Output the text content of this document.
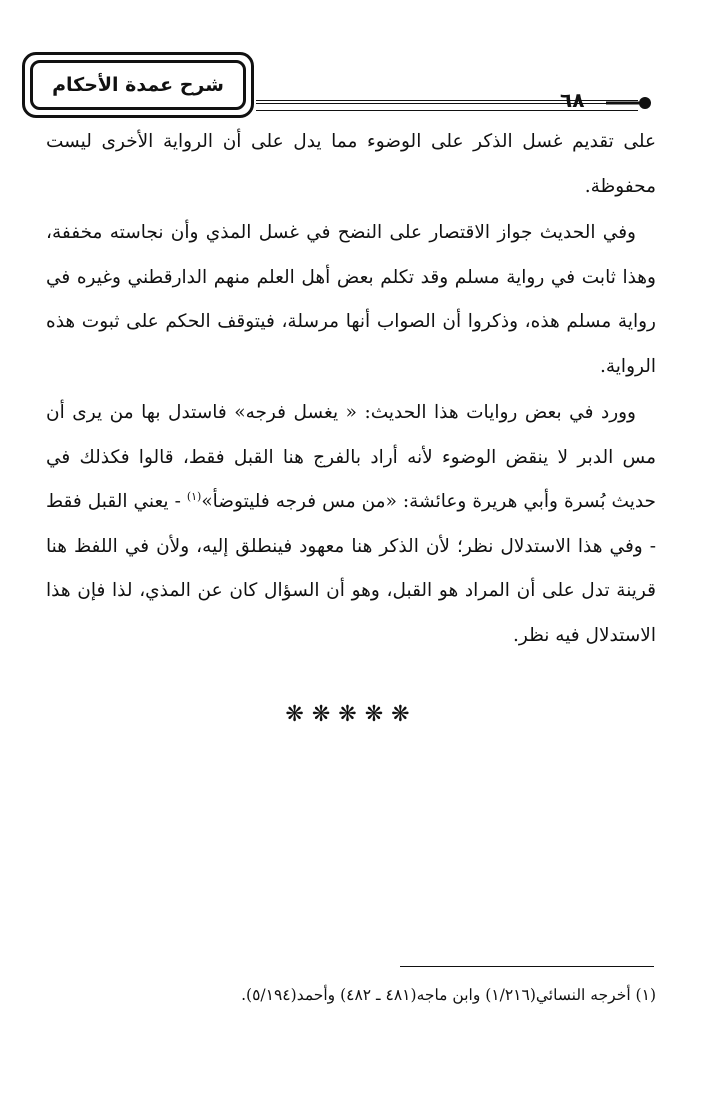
شرح عمدة الأحكام
٦٨

على تقديم غسل الذكر على الوضوء مما يدل على أن الرواية الأخرى ليست محفوظة.

وفي الحديث جواز الاقتصار على النضح في غسل المذي وأن نجاسته مخففة، وهذا ثابت في رواية مسلم وقد تكلم بعض أهل العلم منهم الدارقطني وغيره في رواية مسلم هذه، وذكروا أن الصواب أنها مرسلة، فيتوقف الحكم على ثبوت هذه الرواية.

وورد في بعض روايات هذا الحديث: « يغسل فرجه» فاستدل بها من يرى أن مس الدبر لا ينقض الوضوء لأنه أراد بالفرج هنا القبل فقط، قالوا فكذلك في حديث بُسرة وأبي هريرة وعائشة: «من مس فرجه فليتوضأ»$^{(١)}$ - يعني القبل فقط - وفي هذا الاستدلال نظر؛ لأن الذكر هنا معهود فينطلق إليه، ولأن في اللفظ هنا قرينة تدل على أن المراد هو القبل، وهو أن السؤال كان عن المذي، لذا فإن هذا الاستدلال فيه نظر.

❋❋❋❋❋
(١) أخرجه النسائي(١/٢١٦) وابن ماجه(٤٨١ ـ ٤٨٢) وأحمد(٥/١٩٤).
